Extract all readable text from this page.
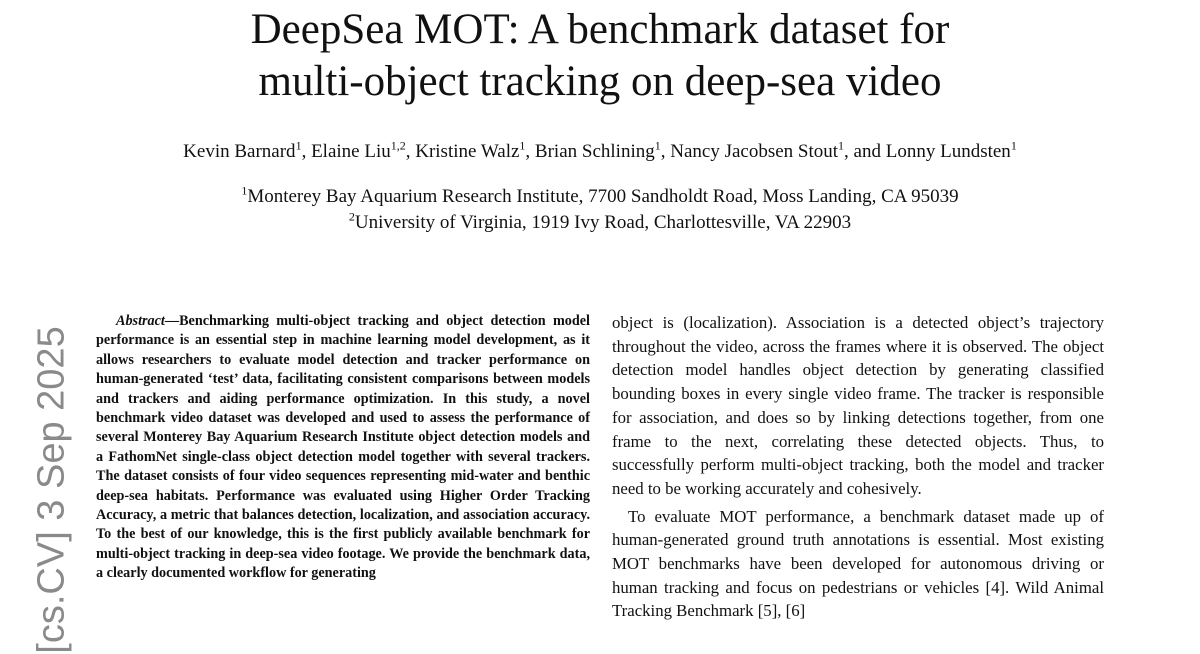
DeepSea MOT: A benchmark dataset for
multi-object tracking on deep-sea video
Kevin Barnard$^1$, Elaine Liu$^{1,2}$, Kristine Walz$^1$, Brian Schlining$^1$, Nancy Jacobsen Stout$^1$, and Lonny Lundsten$^1$
$^1$Monterey Bay Aquarium Research Institute, 7700 Sandholdt Road, Moss Landing, CA 95039
$^2$University of Virginia, 1919 Ivy Road, Charlottesville, VA 22903
[cs.CV] 3 Sep 2025
Abstract—Benchmarking multi-object tracking and object detection model performance is an essential step in machine learning model development, as it allows researchers to evaluate model detection and tracker performance on human-generated ‘test’ data, facilitating consistent comparisons between models and trackers and aiding performance optimization. In this study, a novel benchmark video dataset was developed and used to assess the performance of several Monterey Bay Aquarium Research Institute object detection models and a FathomNet single-class object detection model together with several trackers. The dataset consists of four video sequences representing mid-water and benthic deep-sea habitats. Performance was evaluated using Higher Order Tracking Accuracy, a metric that balances detection, localization, and association accuracy. To the best of our knowledge, this is the first publicly available benchmark for multi-object tracking in deep-sea video footage. We provide the benchmark data, a clearly documented workflow for generating

object is (localization). Association is a detected object’s trajectory throughout the video, across the frames where it is observed. The object detection model handles object detection by generating classified bounding boxes in every single video frame. The tracker is responsible for association, and does so by linking detections together, from one frame to the next, correlating these detected objects. Thus, to successfully perform multi-object tracking, both the model and tracker need to be working accurately and cohesively.

To evaluate MOT performance, a benchmark dataset made up of human-generated ground truth annotations is essential. Most existing MOT benchmarks have been developed for autonomous driving or human tracking and focus on pedestrians or vehicles [4]. Wild Animal Tracking Benchmark [5], [6]
